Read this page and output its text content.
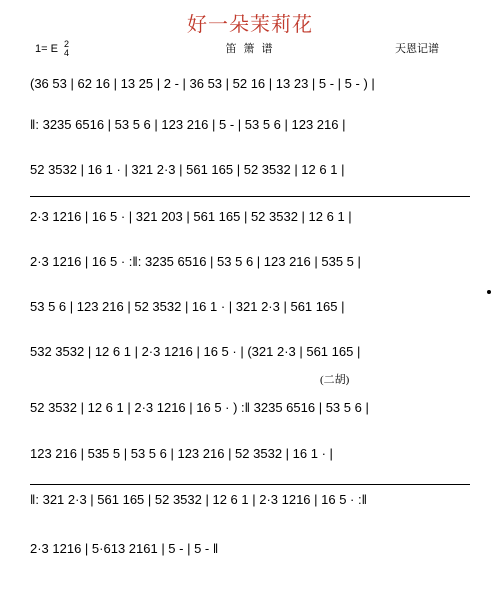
好一朵茉莉花
1= E 2
4	笛 箫 谱	天恩记谱
(36 53 | 62 16 | 13 25 | 2 - | 36 53 | 52 16 | 13 23 | 5 - | 5 - ) |
‖: 3235 6516 | 53 5 6 | 123 216 | 5 - | 53 5 6 | 123 216 |
52 3532 | 16 1 · | 321 2·3 | 561 165 | 52 3532 | 12 6 1 |
2·3 1216 | 16 5 · | 321 203 | 561 165 | 52 3532 | 12 6 1 |
2·3 1216 | 16 5 · :‖: 3235 6516 | 53 5 6 | 123 216 | 535 5 |
53 5 6 | 123 216 | 52 3532 | 16 1 · | 321 2·3 | 561 165 |
532 3532 | 12 6 1 | 2·3 1216 | 16 5 · | (321 2·3 | 561 165 |
(二胡)
52 3532 | 12 6 1 | 2·3 1216 | 16 5 · ) :‖ 3235 6516 | 53 5 6 |
123 216 | 535 5 | 53 5 6 | 123 216 | 52 3532 | 16 1 · |
‖: 321 2·3 | 561 165 | 52 3532 | 12 6 1 | 2·3 1216 | 16 5 · :‖
2·3 1216 | 5·613 2161 | 5 - | 5 - ‖
